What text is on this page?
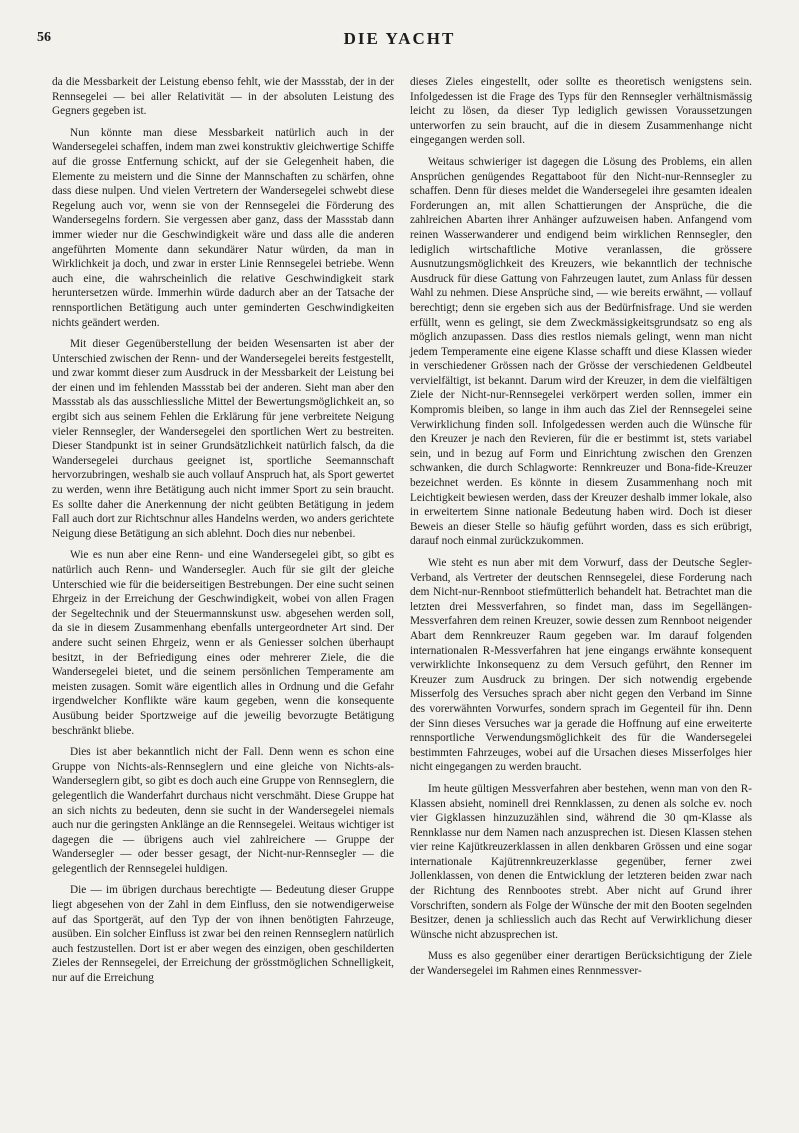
56	DIE YACHT

da die Messbarkeit der Leistung ebenso fehlt, wie der Massstab, der in der Rennsegelei — bei aller Relativität — in der absoluten Leistung des Gegners gegeben ist.

Nun könnte man diese Messbarkeit natürlich auch in der Wandersegelei schaffen, indem man zwei konstruktiv gleichwertige Schiffe auf die grosse Entfernung schickt, auf der sie Gelegenheit haben, die Elemente zu meistern und die Sinne der Mannschaften zu schärfen, ohne dass diese nulpen. Und vielen Vertretern der Wandersegelei schwebt diese Regelung auch vor, wenn sie von der Rennsegelei die Förderung des Wandersegelns fordern. Sie vergessen aber ganz, dass der Massstab dann immer wieder nur die Geschwindigkeit wäre und dass alle die anderen angeführten Momente dann sekundärer Natur würden, da man in Wirklichkeit ja doch, und zwar in erster Linie Rennsegelei betriebe. Wenn auch eine, die wahrscheinlich die relative Geschwindigkeit stark heruntersetzen würde. Immerhin würde dadurch aber an der Tatsache der rennsportlichen Betätigung auch unter geminderten Geschwindigkeiten nichts geändert werden.

Mit dieser Gegenüberstellung der beiden Wesensarten ist aber der Unterschied zwischen der Renn- und der Wandersegelei bereits festgestellt, und zwar kommt dieser zum Ausdruck in der Messbarkeit der Leistung bei der einen und im fehlenden Massstab bei der anderen. Sieht man aber den Massstab als das ausschliessliche Mittel der Bewertungsmöglichkeit an, so ergibt sich aus seinem Fehlen die Erklärung für jene verbreitete Neigung vieler Rennsegler, der Wandersegelei den sportlichen Wert zu bestreiten. Dieser Standpunkt ist in seiner Grundsätzlichkeit natürlich falsch, da die Wandersegelei durchaus geeignet ist, sportliche Seemannschaft hervorzubringen, weshalb sie auch vollauf Anspruch hat, als Sport gewertet zu werden, wenn ihre Betätigung auch nicht immer Sport zu sein braucht. Es sollte daher die Anerkennung der nicht geübten Betätigung in jedem Fall auch dort zur Richtschnur alles Handelns werden, wo anders gerichtete Neigung diese Betätigung an sich ablehnt. Doch dies nur nebenbei.

Wie es nun aber eine Renn- und eine Wandersegelei gibt, so gibt es natürlich auch Renn- und Wandersegler. Auch für sie gilt der gleiche Unterschied wie für die beiderseitigen Bestrebungen. Der eine sucht seinen Ehrgeiz in der Erreichung der Geschwindigkeit, wobei von allen Fragen der Segeltechnik und der Steuermannskunst usw. abgesehen werden soll, da sie in diesem Zusammenhang ebenfalls untergeordneter Art sind. Der andere sucht seinen Ehrgeiz, wenn er als Geniesser solchen überhaupt besitzt, in der Befriedigung eines oder mehrerer Ziele, die die Wandersegelei bietet, und die seinem persönlichen Temperamente am meisten zusagen. Somit wäre eigentlich alles in Ordnung und die Gefahr irgendwelcher Konflikte wäre kaum gegeben, wenn die konsequente Ausübung beider Sportzweige auf die jeweilig bevorzugte Betätigung beschränkt bliebe.

Dies ist aber bekanntlich nicht der Fall. Denn wenn es schon eine Gruppe von Nichts-als-Rennseglern und eine gleiche von Nichts-als-Wanderseglern gibt, so gibt es doch auch eine Gruppe von Rennseglern, die gelegentlich die Wanderfahrt durchaus nicht verschmäht. Diese Gruppe hat an sich nichts zu bedeuten, denn sie sucht in der Wandersegelei niemals auch nur die geringsten Anklänge an die Rennsegelei. Weitaus wichtiger ist dagegen die — übrigens auch viel zahlreichere — Gruppe der Wandersegler — oder besser gesagt, der Nicht-nur-Rennsegler — die gelegentlich der Rennsegelei huldigen.

Die — im übrigen durchaus berechtigte — Bedeutung dieser Gruppe liegt abgesehen von der Zahl in dem Einfluss, den sie notwendigerweise auf das Sportgerät, auf den Typ der von ihnen benötigten Fahrzeuge, ausüben. Ein solcher Einfluss ist zwar bei den reinen Rennseglern natürlich auch festzustellen. Dort ist er aber wegen des einzigen, oben geschilderten Zieles der Rennsegelei, der Erreichung der grösstmöglichen Schnelligkeit, nur auf die Erreichung

dieses Zieles eingestellt, oder sollte es theoretisch wenigstens sein. Infolgedessen ist die Frage des Typs für den Rennsegler verhältnismässig leicht zu lösen, da dieser Typ lediglich gewissen Voraussetzungen unterworfen zu sein braucht, auf die in diesem Zusammenhange nicht eingegangen werden soll.

Weitaus schwieriger ist dagegen die Lösung des Problems, ein allen Ansprüchen genügendes Regattaboot für den Nicht-nur-Rennsegler zu schaffen. Denn für dieses meldet die Wandersegelei ihre gesamten idealen Forderungen an, mit allen Schattierungen der Ansprüche, die die zahlreichen Abarten ihrer Anhänger aufzuweisen haben. Anfangend vom reinen Wasserwanderer und endigend beim wirklichen Rennsegler, den lediglich wirtschaftliche Motive veranlassen, die grössere Ausnutzungsmöglichkeit des Kreuzers, wie bekanntlich der technische Ausdruck für diese Gattung von Fahrzeugen lautet, zum Anlass für dessen Wahl zu nehmen. Diese Ansprüche sind, — wie bereits erwähnt, — vollauf berechtigt; denn sie ergeben sich aus der Bedürfnisfrage. Und sie werden erfüllt, wenn es gelingt, sie dem Zweckmässigkeitsgrundsatz so eng als möglich anzupassen. Dass dies restlos niemals gelingt, wenn man nicht jedem Temperamente eine eigene Klasse schafft und diese Klassen wieder in verschiedener Grössen nach der Grösse der verschiedenen Geldbeutel vervielfältigt, ist bekannt. Darum wird der Kreuzer, in dem die vielfältigen Ziele der Nicht-nur-Rennsegelei verkörpert werden sollen, immer ein Kompromis bleiben, so lange in ihm auch das Ziel der Rennsegelei seine Verwirklichung finden soll. Infolgedessen werden auch die Wünsche für den Kreuzer je nach den Revieren, für die er bestimmt ist, stets variabel sein, und in bezug auf Form und Einrichtung zwischen den Grenzen schwanken, die durch Schlagworte: Rennkreuzer und Bona-fide-Kreuzer bezeichnet werden. Es könnte in diesem Zusammenhang noch mit Leichtigkeit bewiesen werden, dass der Kreuzer deshalb immer lokale, also in erweitertem Sinne nationale Bedeutung haben wird. Doch ist dieser Beweis an dieser Stelle so häufig geführt worden, dass es sich erübrigt, darauf noch einmal zurückzukommen.

Wie steht es nun aber mit dem Vorwurf, dass der Deutsche Segler-Verband, als Vertreter der deutschen Rennsegelei, diese Forderung nach dem Nicht-nur-Rennboot stiefmütterlich behandelt hat. Betrachtet man die letzten drei Messverfahren, so findet man, dass im Segellängen-Messverfahren dem reinen Kreuzer, sowie dessen zum Rennboot neigender Abart dem Rennkreuzer Raum gegeben war. Im darauf folgenden internationalen R-Messverfahren hat jene eingangs erwähnte konsequent verwirklichte Inkonsequenz zu dem Versuch geführt, den Renner im Kreuzer zum Ausdruck zu bringen. Der sich notwendig ergebende Misserfolg des Versuches sprach aber nicht gegen den Verband im Sinne des vorerwähnten Vorwurfes, sondern sprach im Gegenteil für ihn. Denn der Sinn dieses Versuches war ja gerade die Hoffnung auf eine erweiterte rennsportliche Verwendungsmöglichkeit des für die Wandersegelei bestimmten Fahrzeuges, wobei auf die Ursachen dieses Misserfolges hier nicht eingegangen zu werden braucht.

Im heute gültigen Messverfahren aber bestehen, wenn man von den R-Klassen absieht, nominell drei Rennklassen, zu denen als solche ev. noch vier Gigklassen hinzuzuzählen sind, während die 30 qm-Klasse als Rennklasse nur dem Namen nach anzusprechen ist. Diesen Klassen stehen vier reine Kajütkreuzerklassen in allen denkbaren Grössen und eine sogar internationale Kajütrennkreuzerklasse gegenüber, ferner zwei Jollenklassen, von denen die Entwicklung der letzteren beiden zwar nach der Richtung des Rennbootes strebt. Aber nicht auf Grund ihrer Vorschriften, sondern als Folge der Wünsche der mit den Booten segelnden Besitzer, denen ja schliesslich auch das Recht auf Verwirklichung dieser Wünsche nicht abzusprechen ist.

Muss es also gegenüber einer derartigen Berücksichtigung der Ziele der Wandersegelei im Rahmen eines Rennmessver-
